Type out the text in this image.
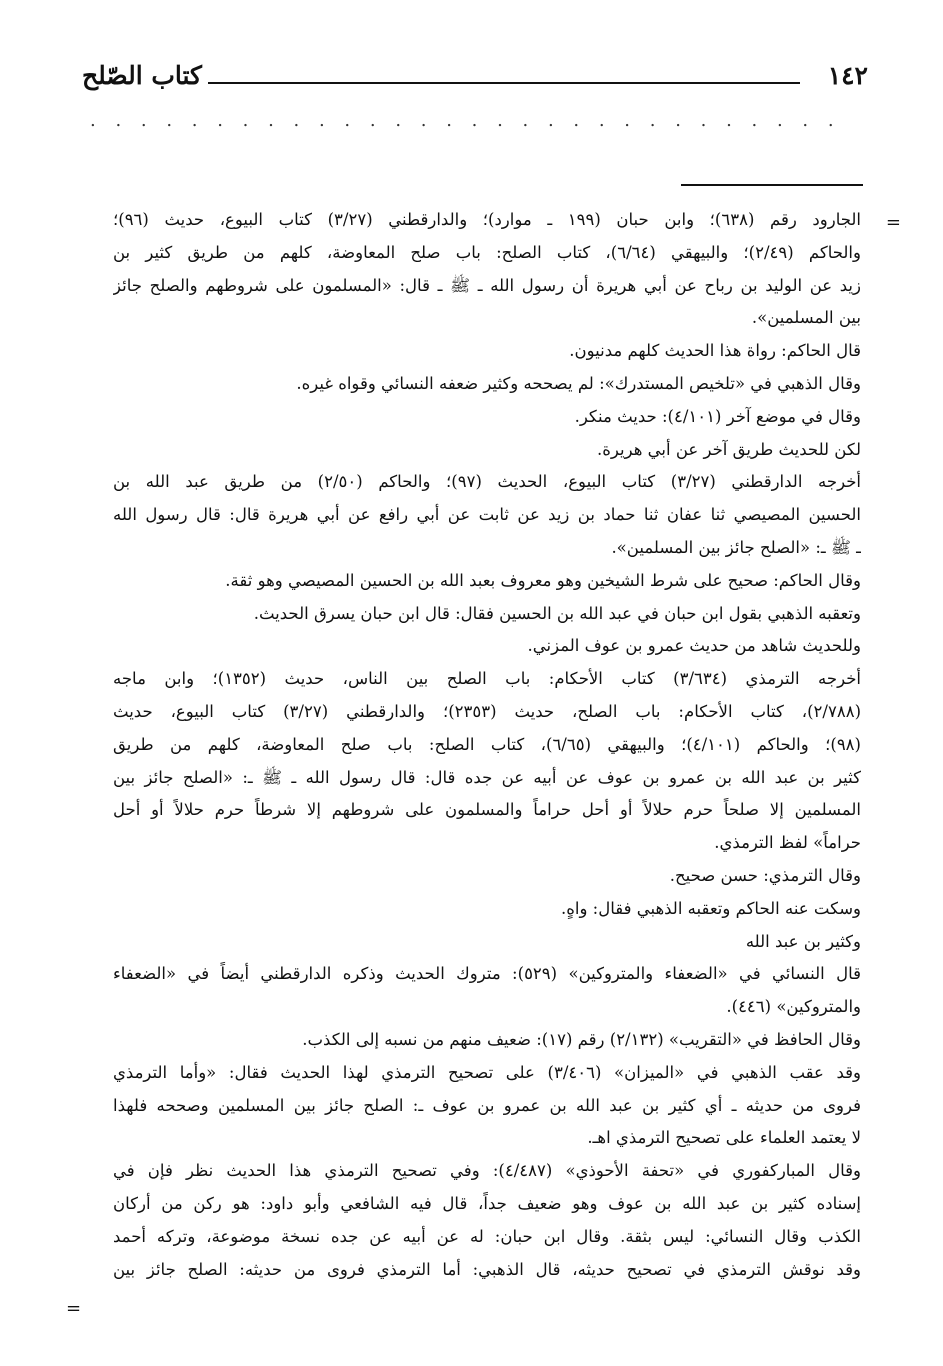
١٤٢
كتاب الصّلح
. . . . . . . . . . . . . . . . . . . . . . . . . . . . . .
=
الجارود رقم (٦٣٨)؛ وابن حبان (١٩٩ ـ موارد)؛ والدارقطني (٣/٢٧) كتاب البيوع، حديث (٩٦)؛
والحاكم (٢/٤٩)؛ والبيهقي (٦/٦٤)، كتاب الصلح: باب صلح المعاوضة، كلهم من طريق كثير بن
زيد عن الوليد بن رباح عن أبي هريرة أن رسول الله ـ ﷺ ـ قال: «المسلمون على شروطهم والصلح جائز
بين المسلمين».
قال الحاكم: رواة هذا الحديث كلهم مدنيون.
وقال الذهبي في «تلخيص المستدرك»: لم يصححه وكثير ضعفه النسائي وقواه غيره.
وقال في موضع آخر (٤/١٠١): حديث منكر.
لكن للحديث طريق آخر عن أبي هريرة.
أخرجه الدارقطني (٣/٢٧) كتاب البيوع، الحديث (٩٧)؛ والحاكم (٢/٥٠) من طريق عبد الله بن
الحسين المصيصي ثنا عفان ثنا حماد بن زيد عن ثابت عن أبي رافع عن أبي هريرة قال: قال رسول الله
ـ ﷺ ـ: «الصلح جائز بين المسلمين».
وقال الحاكم: صحيح على شرط الشيخين وهو معروف بعبد الله بن الحسين المصيصي وهو ثقة.
وتعقبه الذهبي بقول ابن حبان في عبد الله بن الحسين فقال: قال ابن حبان يسرق الحديث.
وللحديث شاهد من حديث عمرو بن عوف المزني.
أخرجه الترمذي (٣/٦٣٤) كتاب الأحكام: باب الصلح بين الناس، حديث (١٣٥٢)؛ وابن ماجه
(٢/٧٨٨)، كتاب الأحكام: باب الصلح، حديث (٢٣٥٣)؛ والدارقطني (٣/٢٧) كتاب البيوع، حديث
(٩٨)؛ والحاكم (٤/١٠١)؛ والبيهقي (٦/٦٥)، كتاب الصلح: باب صلح المعاوضة، كلهم من طريق
كثير بن عبد الله بن عمرو بن عوف عن أبيه عن جده قال: قال رسول الله ـ ﷺ ـ: «الصلح جائز بين
المسلمين إلا صلحاً حرم حلالاً أو أحل حراماً والمسلمون على شروطهم إلا شرطاً حرم حلالاً أو أحل
حراماً» لفظ الترمذي.
وقال الترمذي: حسن صحيح.
وسكت عنه الحاكم وتعقبه الذهبي فقال: واهٍ.
وكثير بن عبد الله
قال النسائي في «الضعفاء والمتروكين» (٥٢٩): متروك الحديث وذكره الدارقطني أيضاً في «الضعفاء
والمتروكين» (٤٤٦).
وقال الحافظ في «التقريب» (٢/١٣٢) رقم (١٧): ضعيف منهم من نسبه إلى الكذب.
وقد عقب الذهبي في «الميزان» (٣/٤٠٦) على تصحيح الترمذي لهذا الحديث فقال: «وأما الترمذي
فروى من حديثه ـ أي كثير بن عبد الله بن عمرو بن عوف ـ: الصلح جائز بين المسلمين وصححه فلهذا
لا يعتمد العلماء على تصحيح الترمذي اهـ.
وقال المباركفوري في «تحفة الأحوذي» (٤/٤٨٧): وفي تصحيح الترمذي هذا الحديث نظر فإن في
إسناده كثير بن عبد الله بن عوف وهو ضعيف جداً، قال فيه الشافعي وأبو داود: هو ركن من أركان
الكذب وقال النسائي: ليس بثقة. وقال ابن حبان: له عن أبيه عن جده نسخة موضوعة، وتركه أحمد
وقد نوقش الترمذي في تصحيح حديثه، قال الذهبي: أما الترمذي فروى من حديثه: الصلح جائز بين
=
